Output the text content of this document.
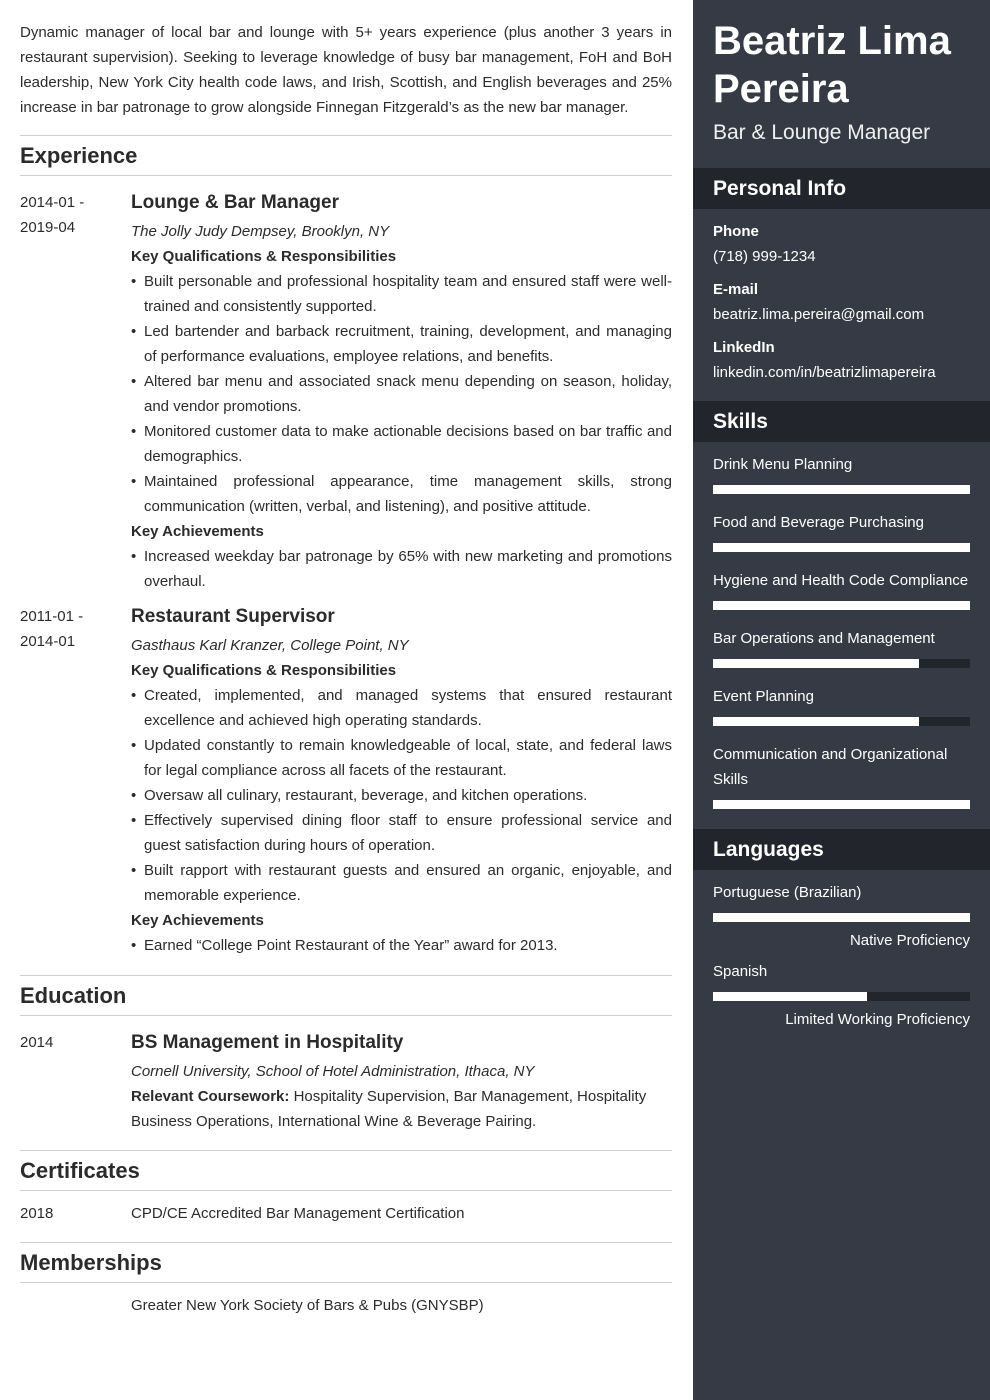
Dynamic manager of local bar and lounge with 5+ years experience (plus another 3 years in restaurant supervision). Seeking to leverage knowledge of busy bar management, FoH and BoH leadership, New York City health code laws, and Irish, Scottish, and English beverages and 25% increase in bar patronage to grow alongside Finnegan Fitzgerald’s as the new bar manager.

Experience
2014-01 -
2019-04
Lounge & Bar Manager
The Jolly Judy Dempsey, Brooklyn, NY
Key Qualifications & Responsibilities
• Built personable and professional hospitality team and ensured staff were well-trained and consistently supported.
• Led bartender and barback recruitment, training, development, and managing of performance evaluations, employee relations, and benefits.
• Altered bar menu and associated snack menu depending on season, holiday, and vendor promotions.
• Monitored customer data to make actionable decisions based on bar traffic and demographics.
• Maintained professional appearance, time management skills, strong communication (written, verbal, and listening), and positive attitude.
Key Achievements
• Increased weekday bar patronage by 65% with new marketing and promotions overhaul.
2011-01 -
2014-01
Restaurant Supervisor
Gasthaus Karl Kranzer, College Point, NY
Key Qualifications & Responsibilities
• Created, implemented, and managed systems that ensured restaurant excellence and achieved high operating standards.
• Updated constantly to remain knowledgeable of local, state, and federal laws for legal compliance across all facets of the restaurant.
• Oversaw all culinary, restaurant, beverage, and kitchen operations.
• Effectively supervised dining floor staff to ensure professional service and guest satisfaction during hours of operation.
• Built rapport with restaurant guests and ensured an organic, enjoyable, and memorable experience.
Key Achievements
• Earned “College Point Restaurant of the Year” award for 2013.
Education
2014	BS Management in Hospitality
Cornell University, School of Hotel Administration, Ithaca, NY
Relevant Coursework: Hospitality Supervision, Bar Management, Hospitality Business Operations, International Wine & Beverage Pairing.
Certificates
2018	CPD/CE Accredited Bar Management Certification
Memberships
Greater New York Society of Bars & Pubs (GNYSBP)
Beatriz Lima Pereira
Bar & Lounge Manager
Personal Info
Phone
(718) 999-1234
E-mail
beatriz.lima.pereira@gmail.com
LinkedIn
linkedin.com/in/beatrizlimapereira
Skills
Drink Menu Planning
Food and Beverage Purchasing
Hygiene and Health Code Compliance
Bar Operations and Management
Event Planning
Communication and Organizational Skills
Languages
Portuguese (Brazilian)
Native Proficiency
Spanish
Limited Working Proficiency
